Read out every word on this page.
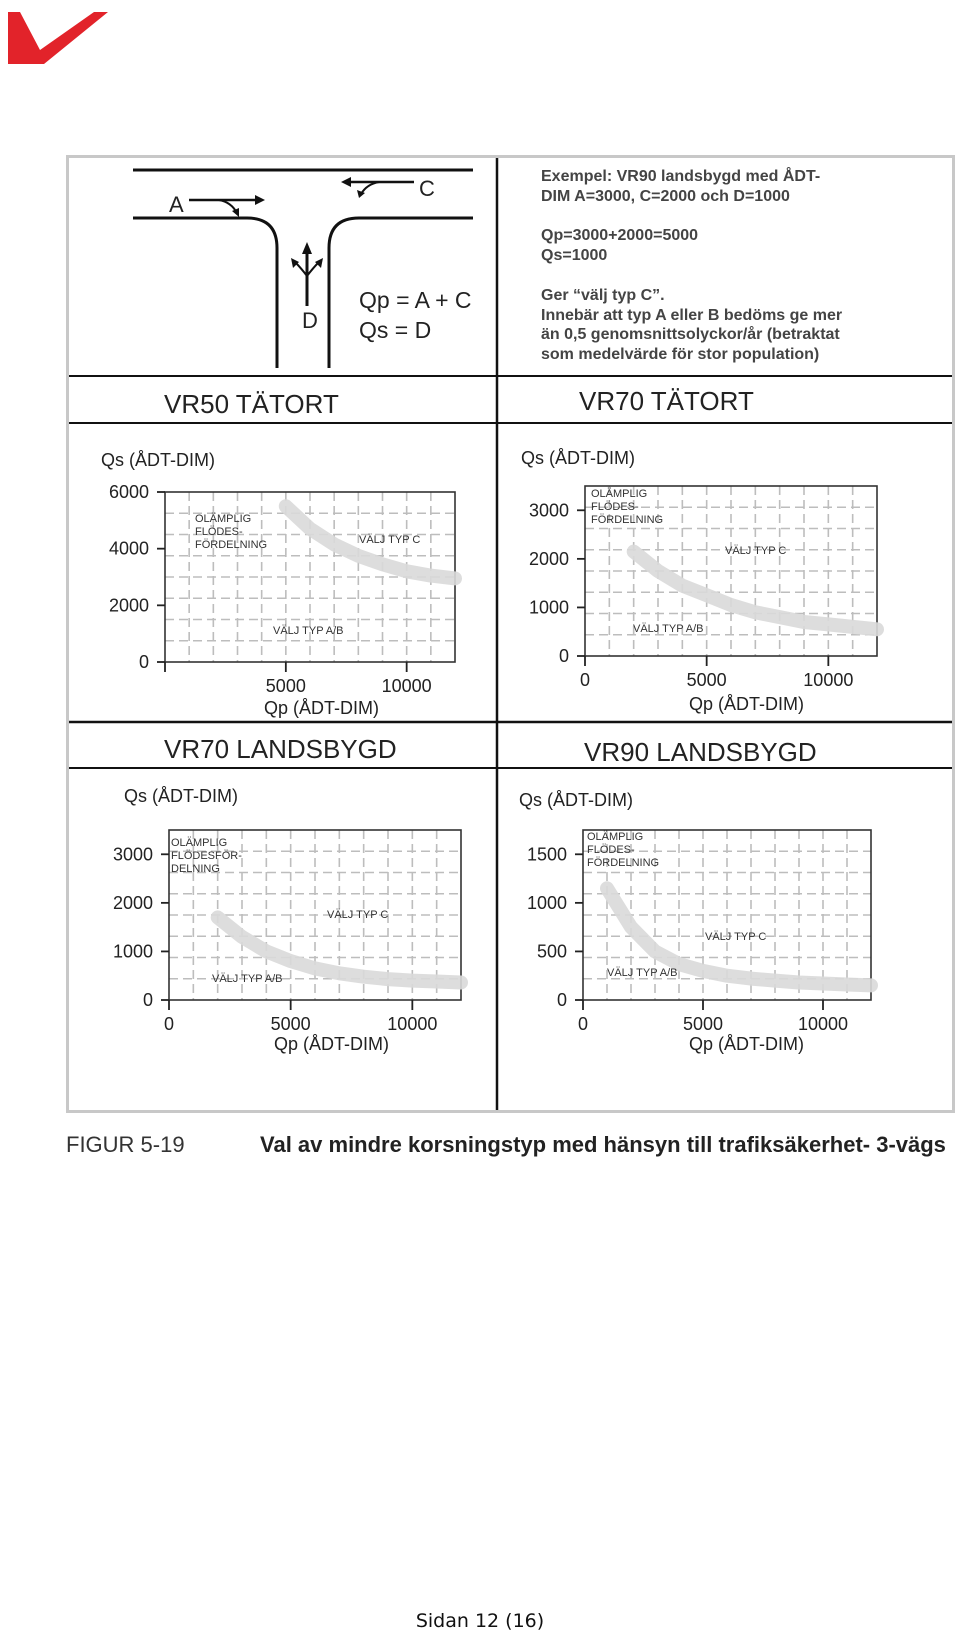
A
C
D
Qp = A + C
Qs = D
Exempel: VR90 landsbygd med ÅDT-
DIM A=3000, C=2000 och D=1000
Qp=3000+2000=5000
Qs=1000
Ger “välj typ C”.
Innebär att typ A eller B bedöms ge mer
än 0,5 genomsnittsolyckor/år (betraktat
som medelvärde för stor population)
VR50 TÄTORT
Qs (ÅDT-DIM)
Qp (ÅDT-DIM)
0
2000
4000
6000
5000	10000
OLÄMPLIG
FLÖDES-
FÖRDELNING	VÄLJ TYP C
VÄLJ TYP A/B
VR70 TÄTORT
Qs (ÅDT-DIM)
Qp (ÅDT-DIM)
0
1000
2000
3000
0	5000	10000
OLÄMPLIG
FLÖDES-
FÖRDELNING
VÄLJ TYP C
VÄLJ TYP A/B
VR70 LANDSBYGD
Qs (ÅDT-DIM)
Qp (ÅDT-DIM)
0
1000
2000
3000
0	5000	10000
OLÄMPLIG
FLÖDESFÖR-
DELNING
VÄLJ TYP C
VÄLJ TYP A/B
VR90 LANDSBYGD
Qs (ÅDT-DIM)
Qp (ÅDT-DIM)
0
500
1000
1500
0	5000	10000
OLÄMPLIG
FLÖDES-
FÖRDELNING
VÄLJ TYP C
VÄLJ TYP A/B
FIGUR 5-19	Val av mindre korsningstyp med hänsyn till trafiksäkerhet- 3-vägs
Sidan 12 (16)
